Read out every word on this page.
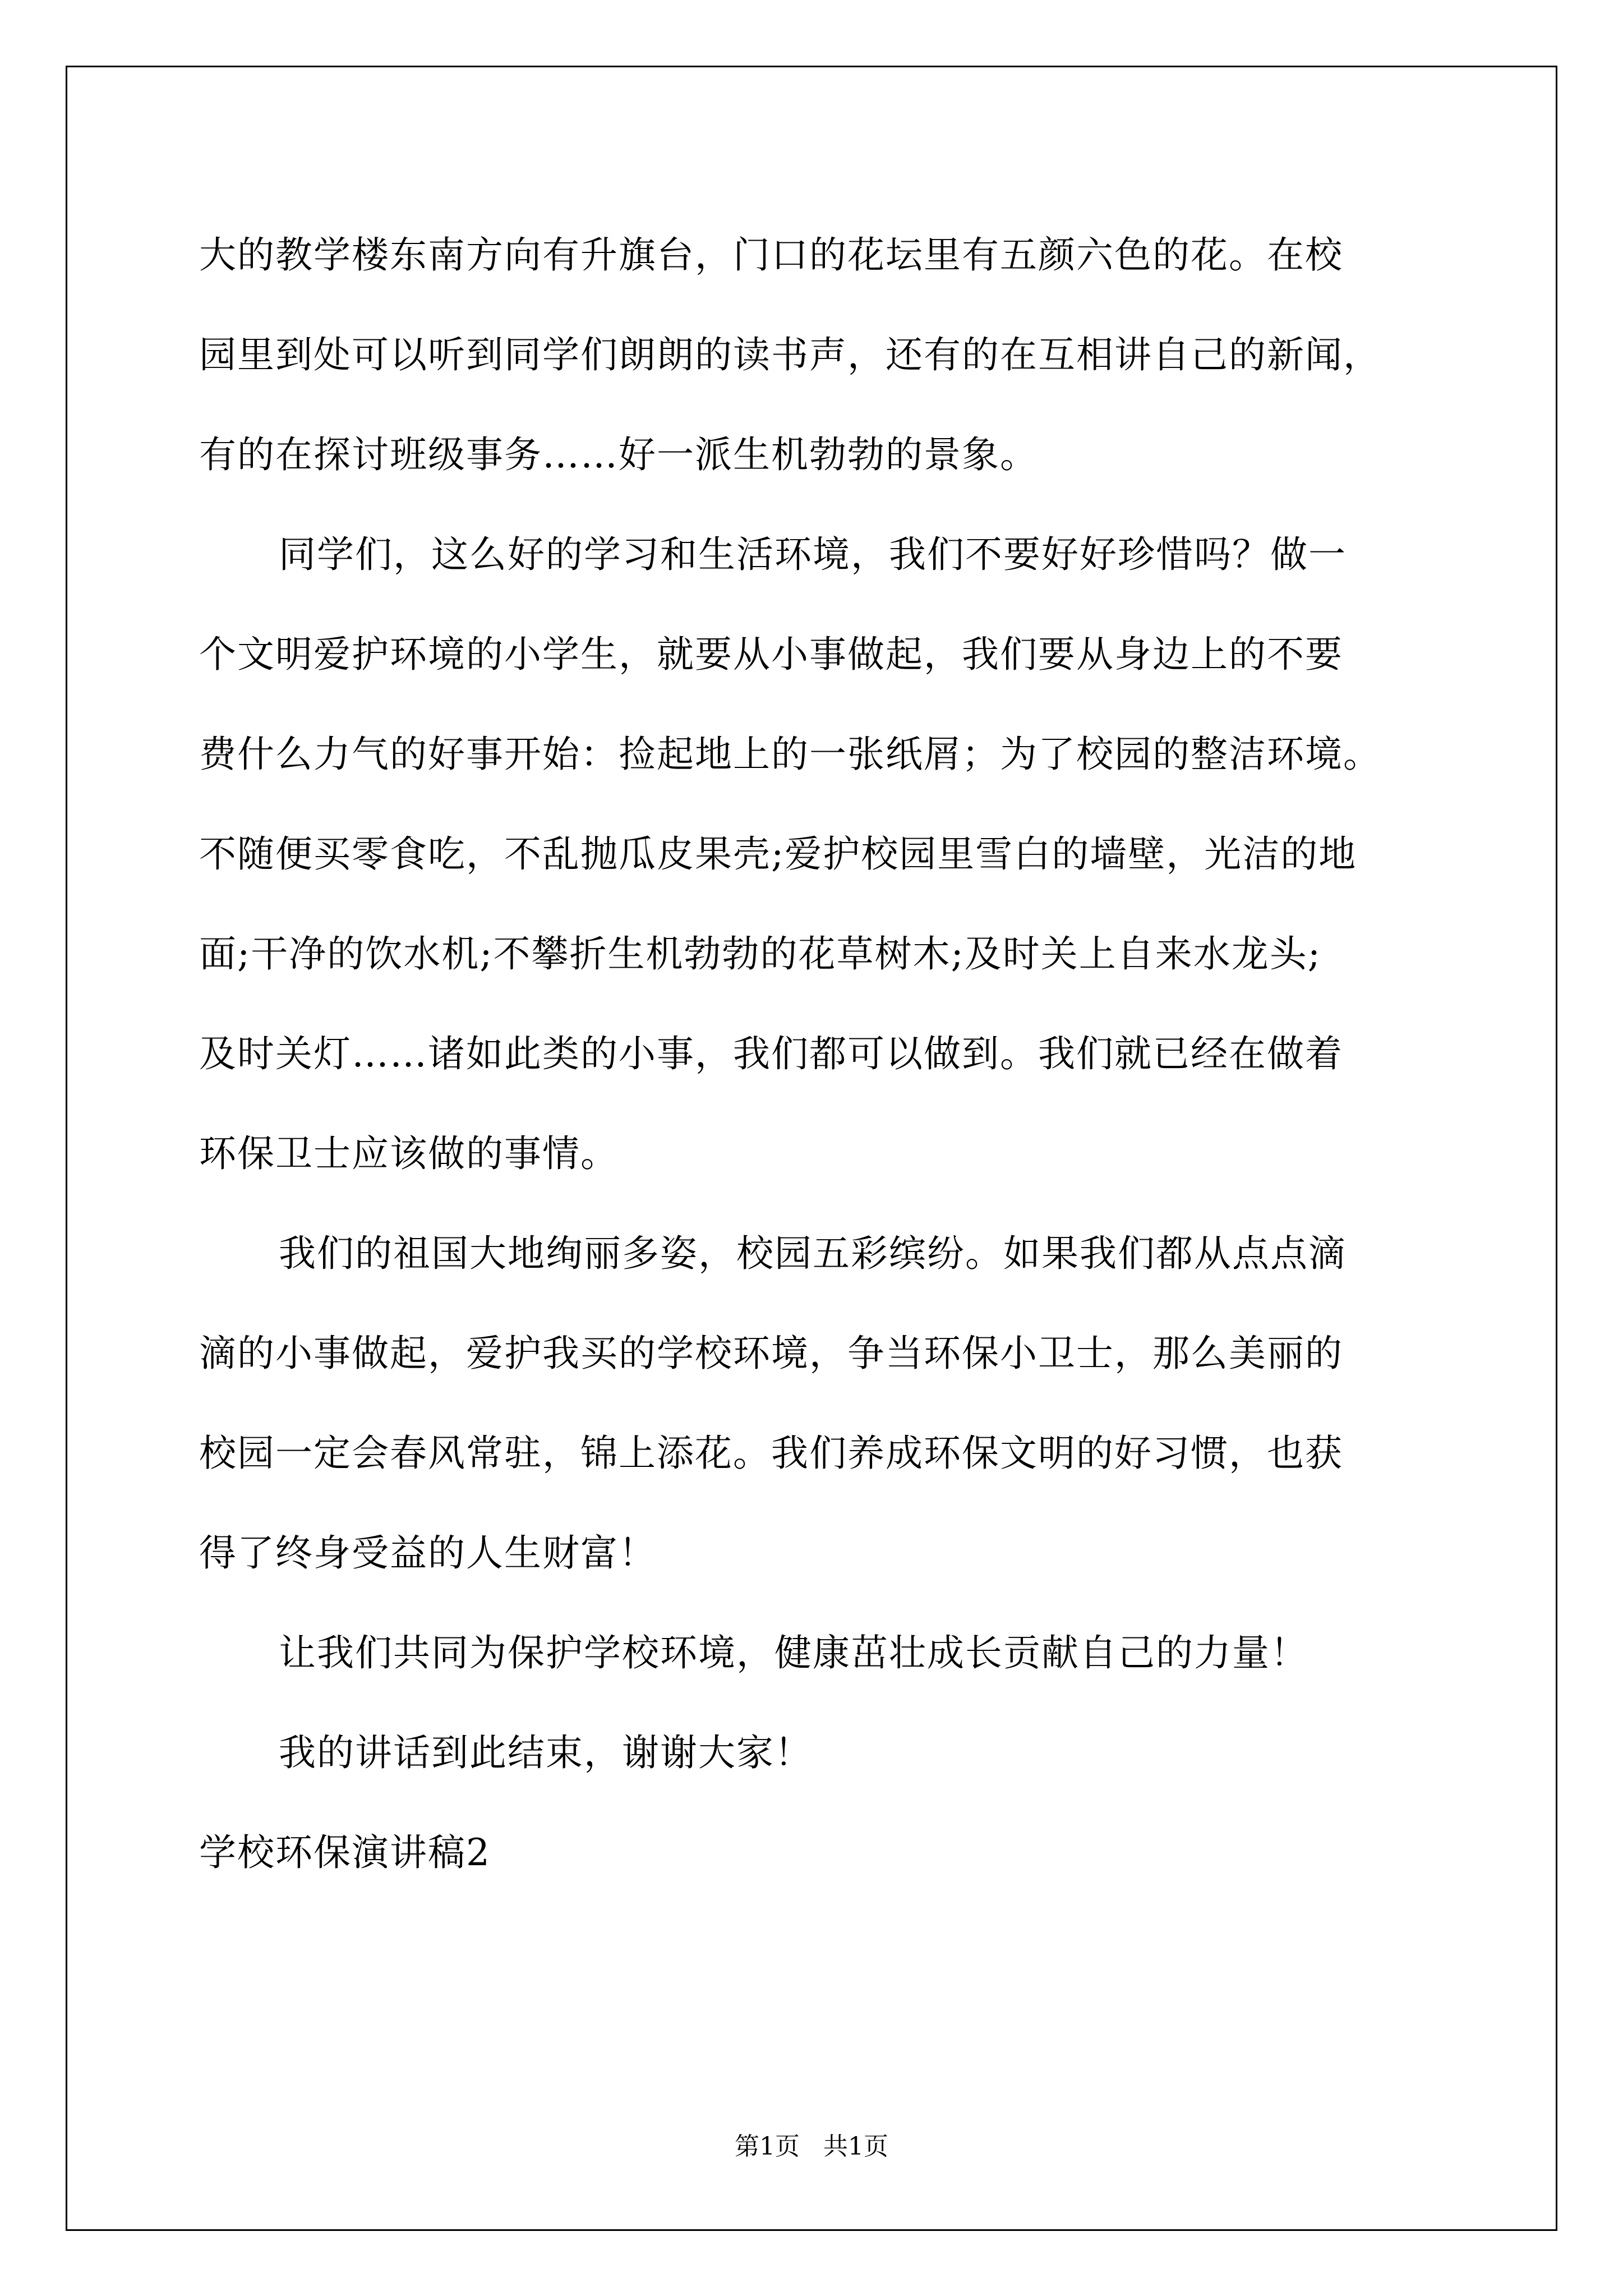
大的教学楼东南方向有升旗台，门口的花坛里有五颜六色的花。在校
园里到处可以听到同学们朗朗的读书声，还有的在互相讲自己的新闻，
有的在探讨班级事务……好一派生机勃勃的景象。
同学们，这么好的学习和生活环境，我们不要好好珍惜吗？做一
个文明爱护环境的小学生，就要从小事做起，我们要从身边上的不要
费什么力气的好事开始：捡起地上的一张纸屑；为了校园的整洁环境。
不随便买零食吃，不乱抛瓜皮果壳;爱护校园里雪白的墙壁，光洁的地
面;干净的饮水机;不攀折生机勃勃的花草树木;及时关上自来水龙头;
及时关灯……诸如此类的小事，我们都可以做到。我们就已经在做着
环保卫士应该做的事情。
我们的祖国大地绚丽多姿，校园五彩缤纷。如果我们都从点点滴
滴的小事做起，爱护我买的学校环境，争当环保小卫士，那么美丽的
校园一定会春风常驻，锦上添花。我们养成环保文明的好习惯，也获
得了终身受益的人生财富！
让我们共同为保护学校环境，健康茁壮成长贡献自己的力量！
我的讲话到此结束，谢谢大家！
学校环保演讲稿2
第1页   共1页
